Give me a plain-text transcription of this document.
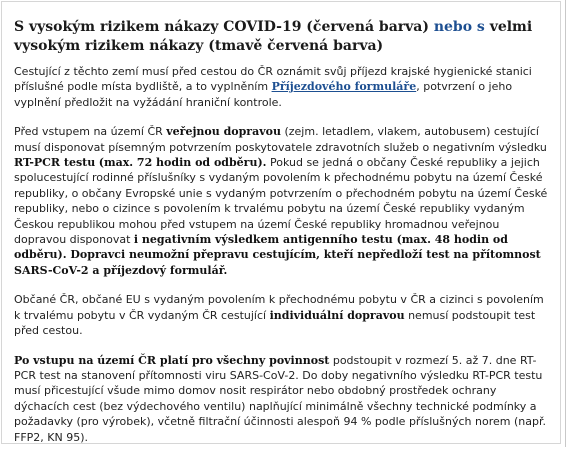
S vysokým rizikem nákazy COVID-19 (červená barva) nebo s velmi vysokým rizikem nákazy (tmavě červená barva)

Cestující z těchto zemí musí před cestou do ČR oznámit svůj příjezd krajské hygienické stanici příslušné podle místa bydliště, a to vyplněním Příjezdového formuláře, potvrzení o jeho vyplnění předložit na vyžádání hraniční kontrole.

Před vstupem na území ČR veřejnou dopravou (zejm. letadlem, vlakem, autobusem) cestující musí disponovat písemným potvrzením poskytovatele zdravotních služeb o negativním výsledku RT-PCR testu (max. 72 hodin od odběru). Pokud se jedná o občany České republiky a jejich spolucestující rodinné příslušníky s vydaným povolením k přechodnému pobytu na území České republiky, o občany Evropské unie s vydaným potvrzením o přechodném pobytu na území České republiky, nebo o cizince s povolením k trvalému pobytu na území České republiky vydaným Českou republikou mohou před vstupem na území České republiky hromadnou veřejnou dopravou disponovat i negativním výsledkem antigenního testu (max. 48 hodin od odběru). Dopravci neumožní přepravu cestujícím, kteří nepředloží test na přítomnost SARS-CoV-2 a příjezdový formulář.

Občané ČR, občané EU s vydaným povolením k přechodnému pobytu v ČR a cizinci s povolením k trvalému pobytu v ČR vydaným ČR cestující individuální dopravou nemusí podstoupit test před cestou.

Po vstupu na území ČR platí pro všechny povinnost podstoupit v rozmezí 5. až 7. dne RT-PCR test na stanovení přítomnosti viru SARS-CoV-2. Do doby negativního výsledku RT-PCR testu musí přicestující všude mimo domov nosit respirátor nebo obdobný prostředek ochrany dýchacích cest (bez výdechového ventilu) naplňující minimálně všechny technické podmínky a požadavky (pro výrobek), včetně filtrační účinnosti alespoň 94 % podle příslušných norem (např. FFP2, KN 95).
